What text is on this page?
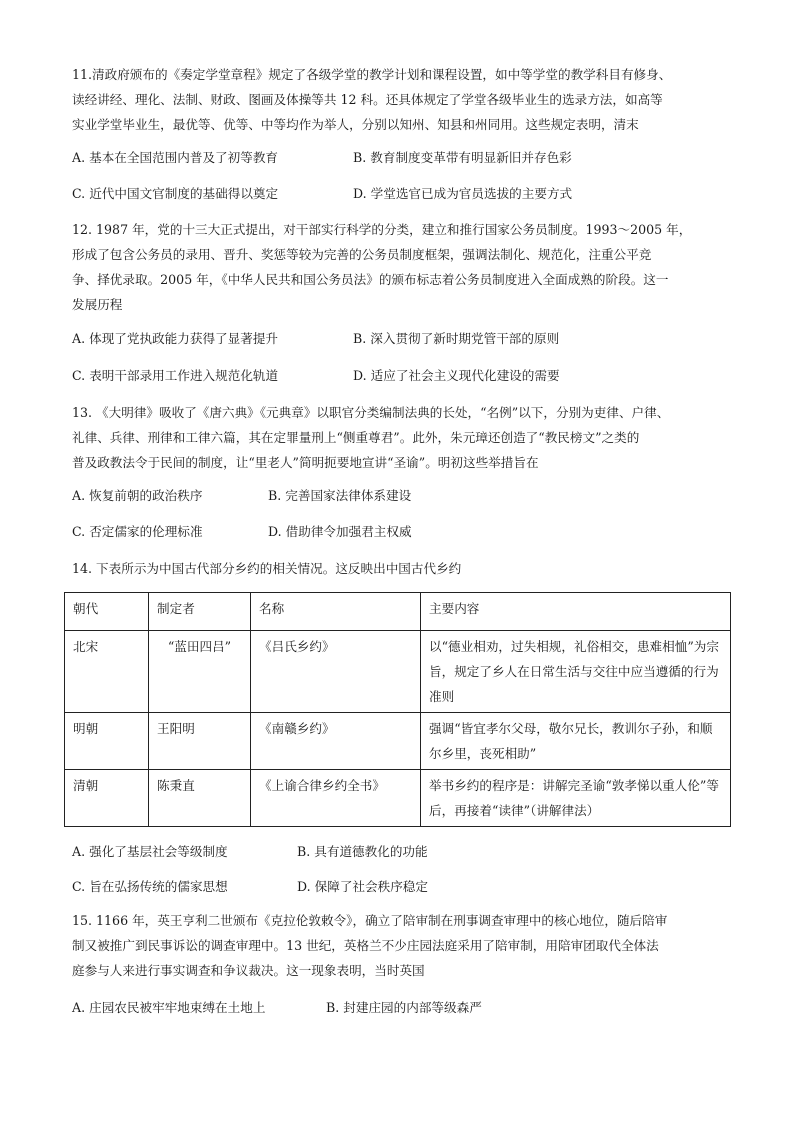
11.清政府颁布的《奏定学堂章程》规定了各级学堂的教学计划和课程设置，如中等学堂的教学科目有修身、
读经讲经、理化、法制、财政、图画及体操等共 12 科。还具体规定了学堂各级毕业生的选录方法，如高等
实业学堂毕业生，最优等、优等、中等均作为举人，分别以知州、知县和州同用。这些规定表明，清末
A. 基本在全国范围内普及了初等教育	B. 教育制度变革带有明显新旧并存色彩
C. 近代中国文官制度的基础得以奠定	D. 学堂选官已成为官员选拔的主要方式
12. 1987 年，党的十三大正式提出，对干部实行科学的分类，建立和推行国家公务员制度。1993～2005 年，
形成了包含公务员的录用、晋升、奖惩等较为完善的公务员制度框架，强调法制化、规范化，注重公平竞
争、择优录取。2005 年，《中华人民共和国公务员法》的颁布标志着公务员制度进入全面成熟的阶段。这一
发展历程
A. 体现了党执政能力获得了显著提升	B. 深入贯彻了新时期党管干部的原则
C. 表明干部录用工作进入规范化轨道	D. 适应了社会主义现代化建设的需要
13. 《大明律》吸收了《唐六典》《元典章》以职官分类编制法典的长处，“名例”以下，分别为吏律、户律、
礼律、兵律、刑律和工律六篇，其在定罪量刑上“侧重尊君”。此外，朱元璋还创造了“教民榜文”之类的
普及政教法令于民间的制度，让“里老人”简明扼要地宣讲“圣谕”。明初这些举措旨在
A. 恢复前朝的政治秩序	B. 完善国家法律体系建设
C. 否定儒家的伦理标准	D. 借助律令加强君主权威
14. 下表所示为中国古代部分乡约的相关情况。这反映出中国古代乡约
朝代	制定者	名称	主要内容
北宋	“蓝田四吕”	《吕氏乡约》	以“德业相劝，过失相规，礼俗相交，患难相恤”为宗旨，规定了乡人在日常生活与交往中应当遵循的行为准则
明朝	王阳明	《南赣乡约》	强调“皆宜孝尔父母，敬尔兄长，教训尔子孙，和顺尔乡里，丧死相助”
清朝	陈秉直	《上谕合律乡约全书》	举书乡约的程序是：讲解完圣谕“敦孝悌以重人伦”等后，再接着“读律”（讲解律法）
A. 强化了基层社会等级制度	B. 具有道德教化的功能
C. 旨在弘扬传统的儒家思想	D. 保障了社会秩序稳定
15. 1166 年，英王亨利二世颁布《克拉伦敦敕令》，确立了陪审制在刑事调查审理中的核心地位，随后陪审
制又被推广到民事诉讼的调查审理中。13 世纪，英格兰不少庄园法庭采用了陪审制，用陪审团取代全体法
庭参与人来进行事实调查和争议裁决。这一现象表明，当时英国
A. 庄园农民被牢牢地束缚在土地上	B. 封建庄园的内部等级森严
